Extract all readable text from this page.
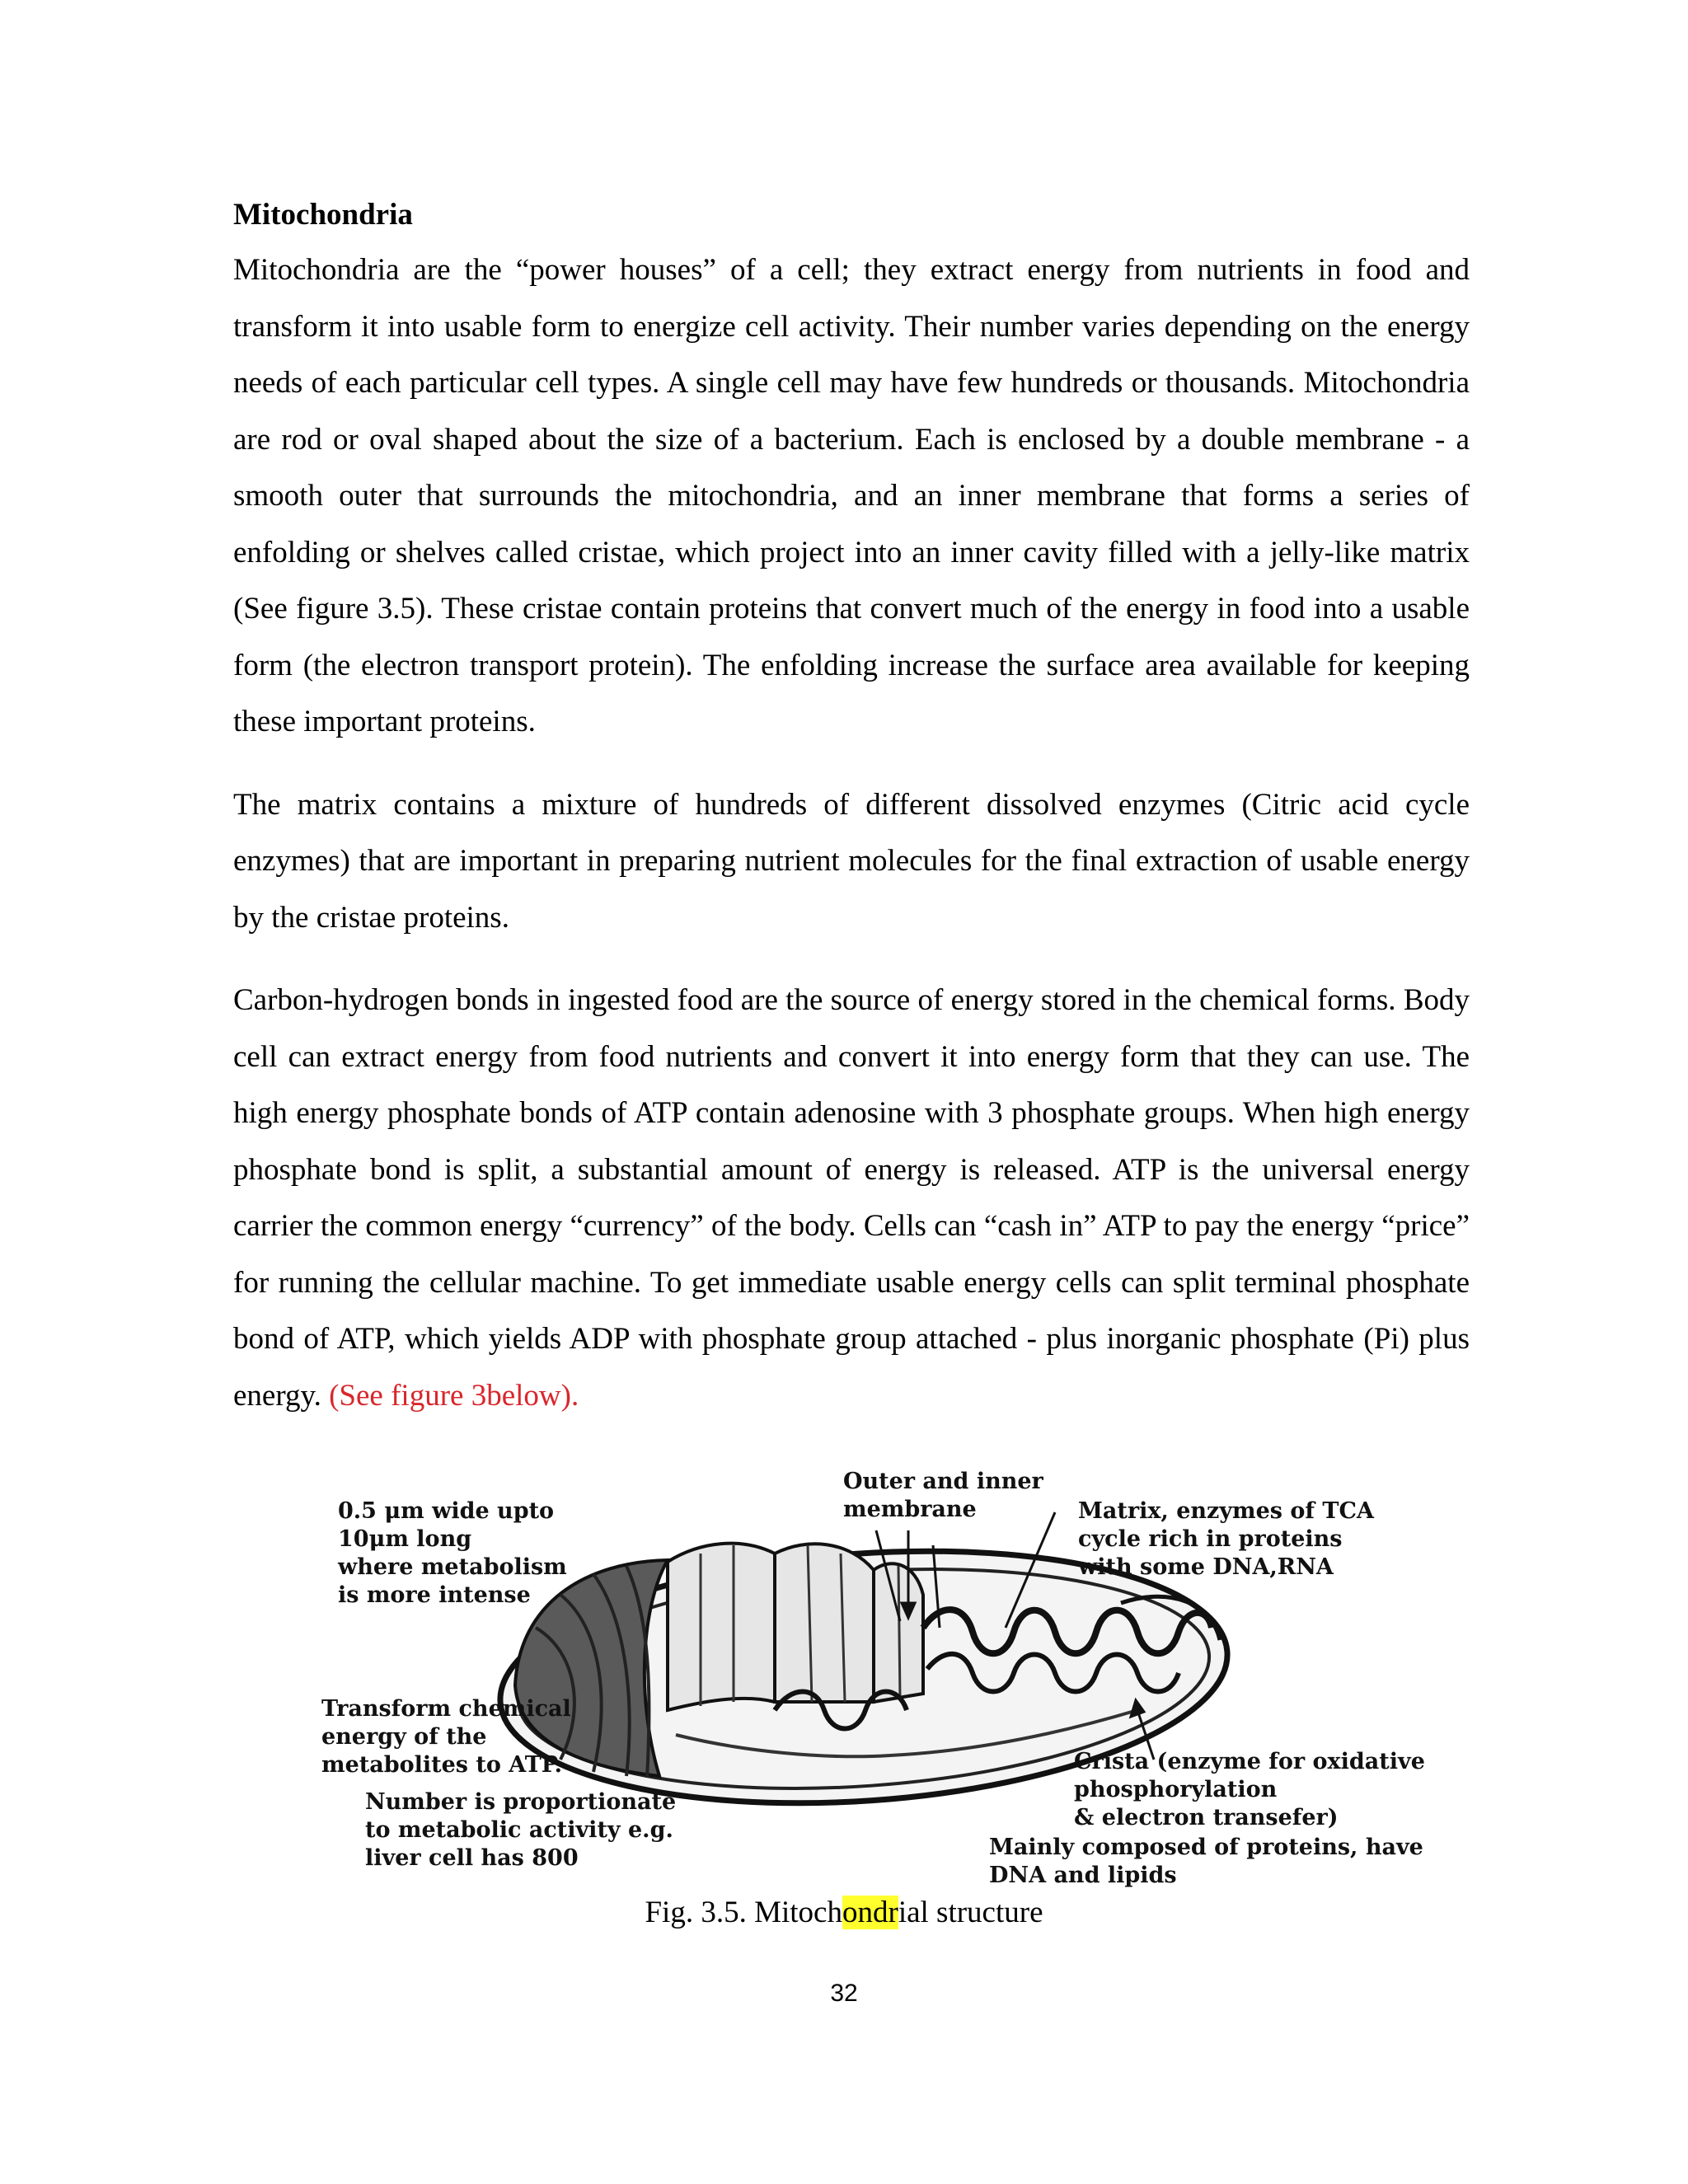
Mitochondria

Mitochondria are the “power houses” of a cell; they extract energy from nutrients in food and transform it into usable form to energize cell activity. Their number varies depending on the energy needs of each particular cell types. A single cell may have few hundreds or thousands. Mitochondria are rod or oval shaped about the size of a bacterium. Each is enclosed by a double membrane - a smooth outer that surrounds the mitochondria, and an inner membrane that forms a series of enfolding or shelves called cristae, which project into an inner cavity filled with a jelly-like matrix (See figure 3.5). These cristae contain proteins that convert much of the energy in food into a usable form (the electron transport protein). The enfolding increase the surface area available for keeping these important proteins.

The matrix contains a mixture of hundreds of different dissolved enzymes (Citric acid cycle enzymes) that are important in preparing nutrient molecules for the final extraction of usable energy by the cristae proteins.

Carbon-hydrogen bonds in ingested food are the source of energy stored in the chemical forms. Body cell can extract energy from food nutrients and convert it into energy form that they can use. The high energy phosphate bonds of ATP contain adenosine with 3 phosphate groups. When high energy phosphate bond is split, a substantial amount of energy is released. ATP is the universal energy carrier the common energy “currency” of the body. Cells can “cash in” ATP to pay the energy “price” for running the cellular machine. To get immediate usable energy cells can split terminal phosphate bond of ATP, which yields ADP with phosphate group attached - plus inorganic phosphate (Pi) plus energy. (See figure 3below).

0.5 μm wide upto
10μm long
where metabolism
is more intense
Outer and inner
membrane	Matrix, enzymes of TCA
cycle rich in proteins
with some DNA,RNA
Transform chemical
energy of the
metabolites to ATP.
Number is proportionate
to metabolic activity e.g.
liver cell has 800
Crista (enzyme for oxidative
phosphorylation
& electron transefer)
Mainly composed of proteins, have
DNA and lipids
Fig. 3.5. Mitochondrial structure
32
